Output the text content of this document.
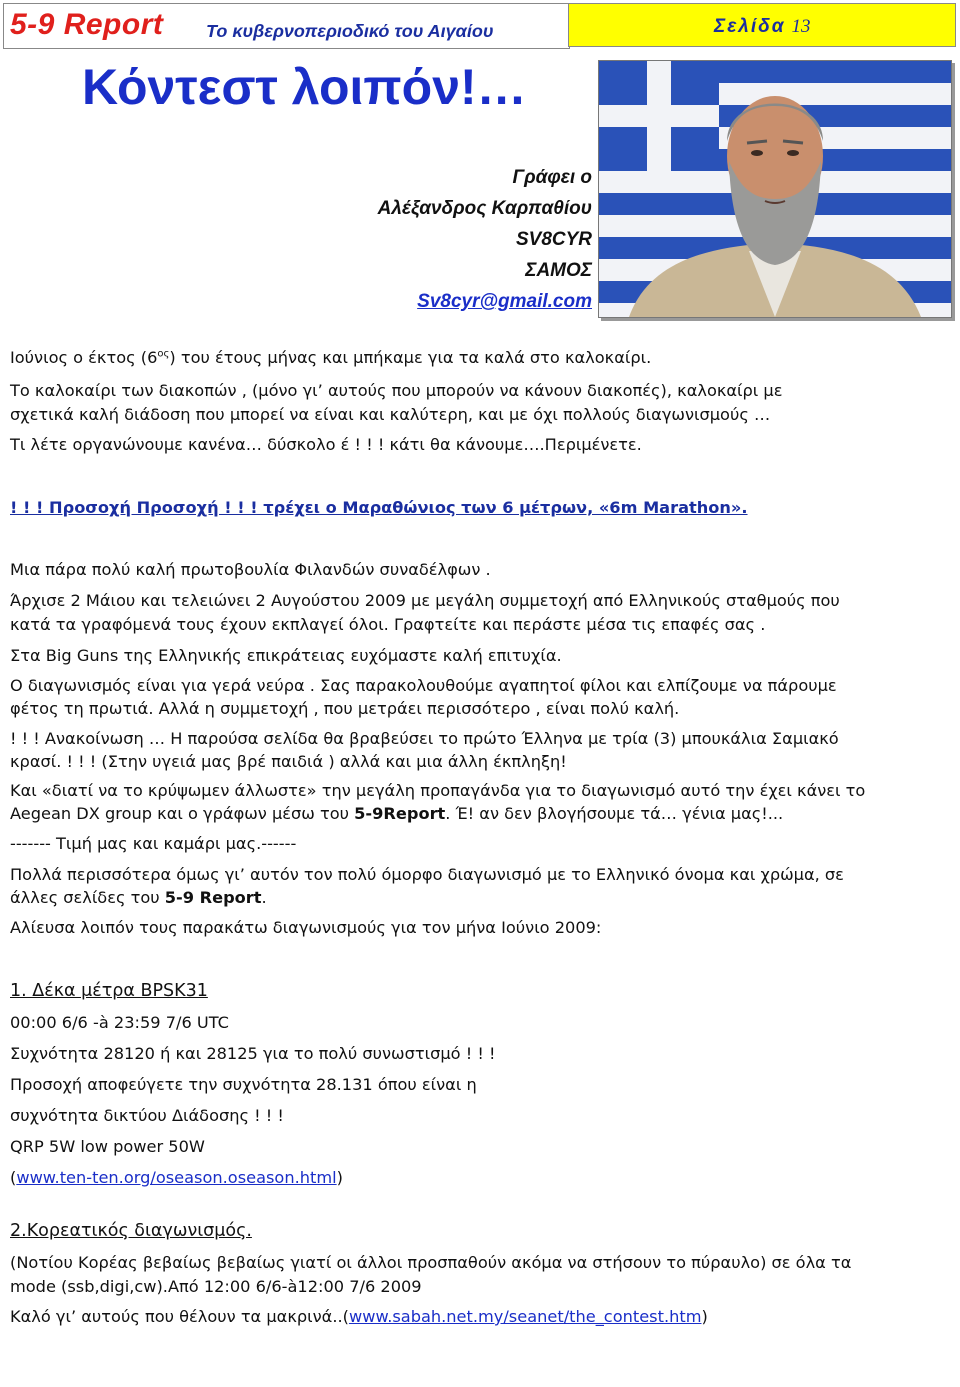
5-9 Report Το κυβερνοπεριοδικό του Αιγαίου	Σελίδα 13
Κόντεστ λοιπόν!…
Γράφει ο
Αλέξανδρος Καρπαθίου
SV8CYR
ΣΑΜΟΣ
Sv8cyr@gmail.com
Ιούνιος ο έκτος $(6^{o\varsigma})$ του έτους μήνας και μπήκαμε για τα καλά στο καλοκαίρι.
Το καλοκαίρι των διακοπών , (μόνο γι’ αυτούς που μπορούν να κάνουν διακοπές), καλοκαίρι με
σχετικά καλή διάδοση που μπορεί να είναι και καλύτερη, και με όχι πολλούς διαγωνισμούς …
Τι λέτε οργανώνουμε κανένα… δύσκολο έ ! ! ! κάτι θα κάνουμε….Περιμένετε.
! ! ! Προσοχή Προσοχή ! ! ! τρέχει ο Μαραθώνιος των 6 μέτρων, «6m Marathon».
Μια πάρα πολύ καλή πρωτοβουλία Φιλανδών συναδέλφων .
Άρχισε 2 Μάιου και τελειώνει 2 Αυγούστου 2009 με μεγάλη συμμετοχή από Ελληνικούς σταθμούς που
κατά τα γραφόμενά τους έχουν εκπλαγεί όλοι. Γραφτείτε και περάστε μέσα τις επαφές σας .
Στα Big Guns της Ελληνικής επικράτειας ευχόμαστε καλή επιτυχία.
Ο διαγωνισμός είναι για γερά νεύρα . Σας παρακολουθούμε αγαπητοί φίλοι και ελπίζουμε να πάρουμε
φέτος τη πρωτιά. Αλλά η συμμετοχή , που μετράει περισσότερο , είναι πολύ καλή.
! ! ! Ανακοίνωση … Η παρούσα σελίδα θα βραβεύσει το πρώτο Έλληνα με τρία (3) μπουκάλια Σαμιακό
κρασί. ! ! ! (Στην υγειά μας βρέ παιδιά ) αλλά και μια άλλη έκπληξη!
Και «διατί να το κρύψωμεν άλλωστε» την μεγάλη προπαγάνδα για το διαγωνισμό αυτό την έχει κάνει το
Aegean DX group και ο γράφων μέσω του 5-9Report. Έ! αν δεν βλογήσουμε τά… γένια μας!...
------- Τιμή μας και καμάρι μας.------
Πολλά περισσότερα όμως γι’ αυτόν τον πολύ όμορφο διαγωνισμό με το Ελληνικό όνομα και χρώμα, σε
άλλες σελίδες του 5-9 Report.
Αλίευσα λοιπόν τους παρακάτω διαγωνισμούς για τον μήνα Ιούνιο 2009:
1. Δέκα μέτρα BPSK31
00:00 6/6 -à 23:59 7/6 UTC
Συχνότητα 28120 ή και 28125 για το πολύ συνωστισμό ! ! !
Προσοχή αποφεύγετε την συχνότητα 28.131 όπου είναι η
συχνότητα δικτύου Διάδοσης ! ! !
QRP 5W low power 50W
(www.ten-ten.org/oseason.oseason.html)
2.Κορεατικός διαγωνισμός.
(Νοτίου Κορέας βεβαίως βεβαίως γιατί οι άλλοι προσπαθούν ακόμα να στήσουν το πύραυλο) σε όλα τα
mode (ssb,digi,cw).Από 12:00 6/6-à12:00 7/6 2009
Καλό γι’ αυτούς που θέλουν τα μακρινά..(www.sabah.net.my/seanet/the_contest.htm)
